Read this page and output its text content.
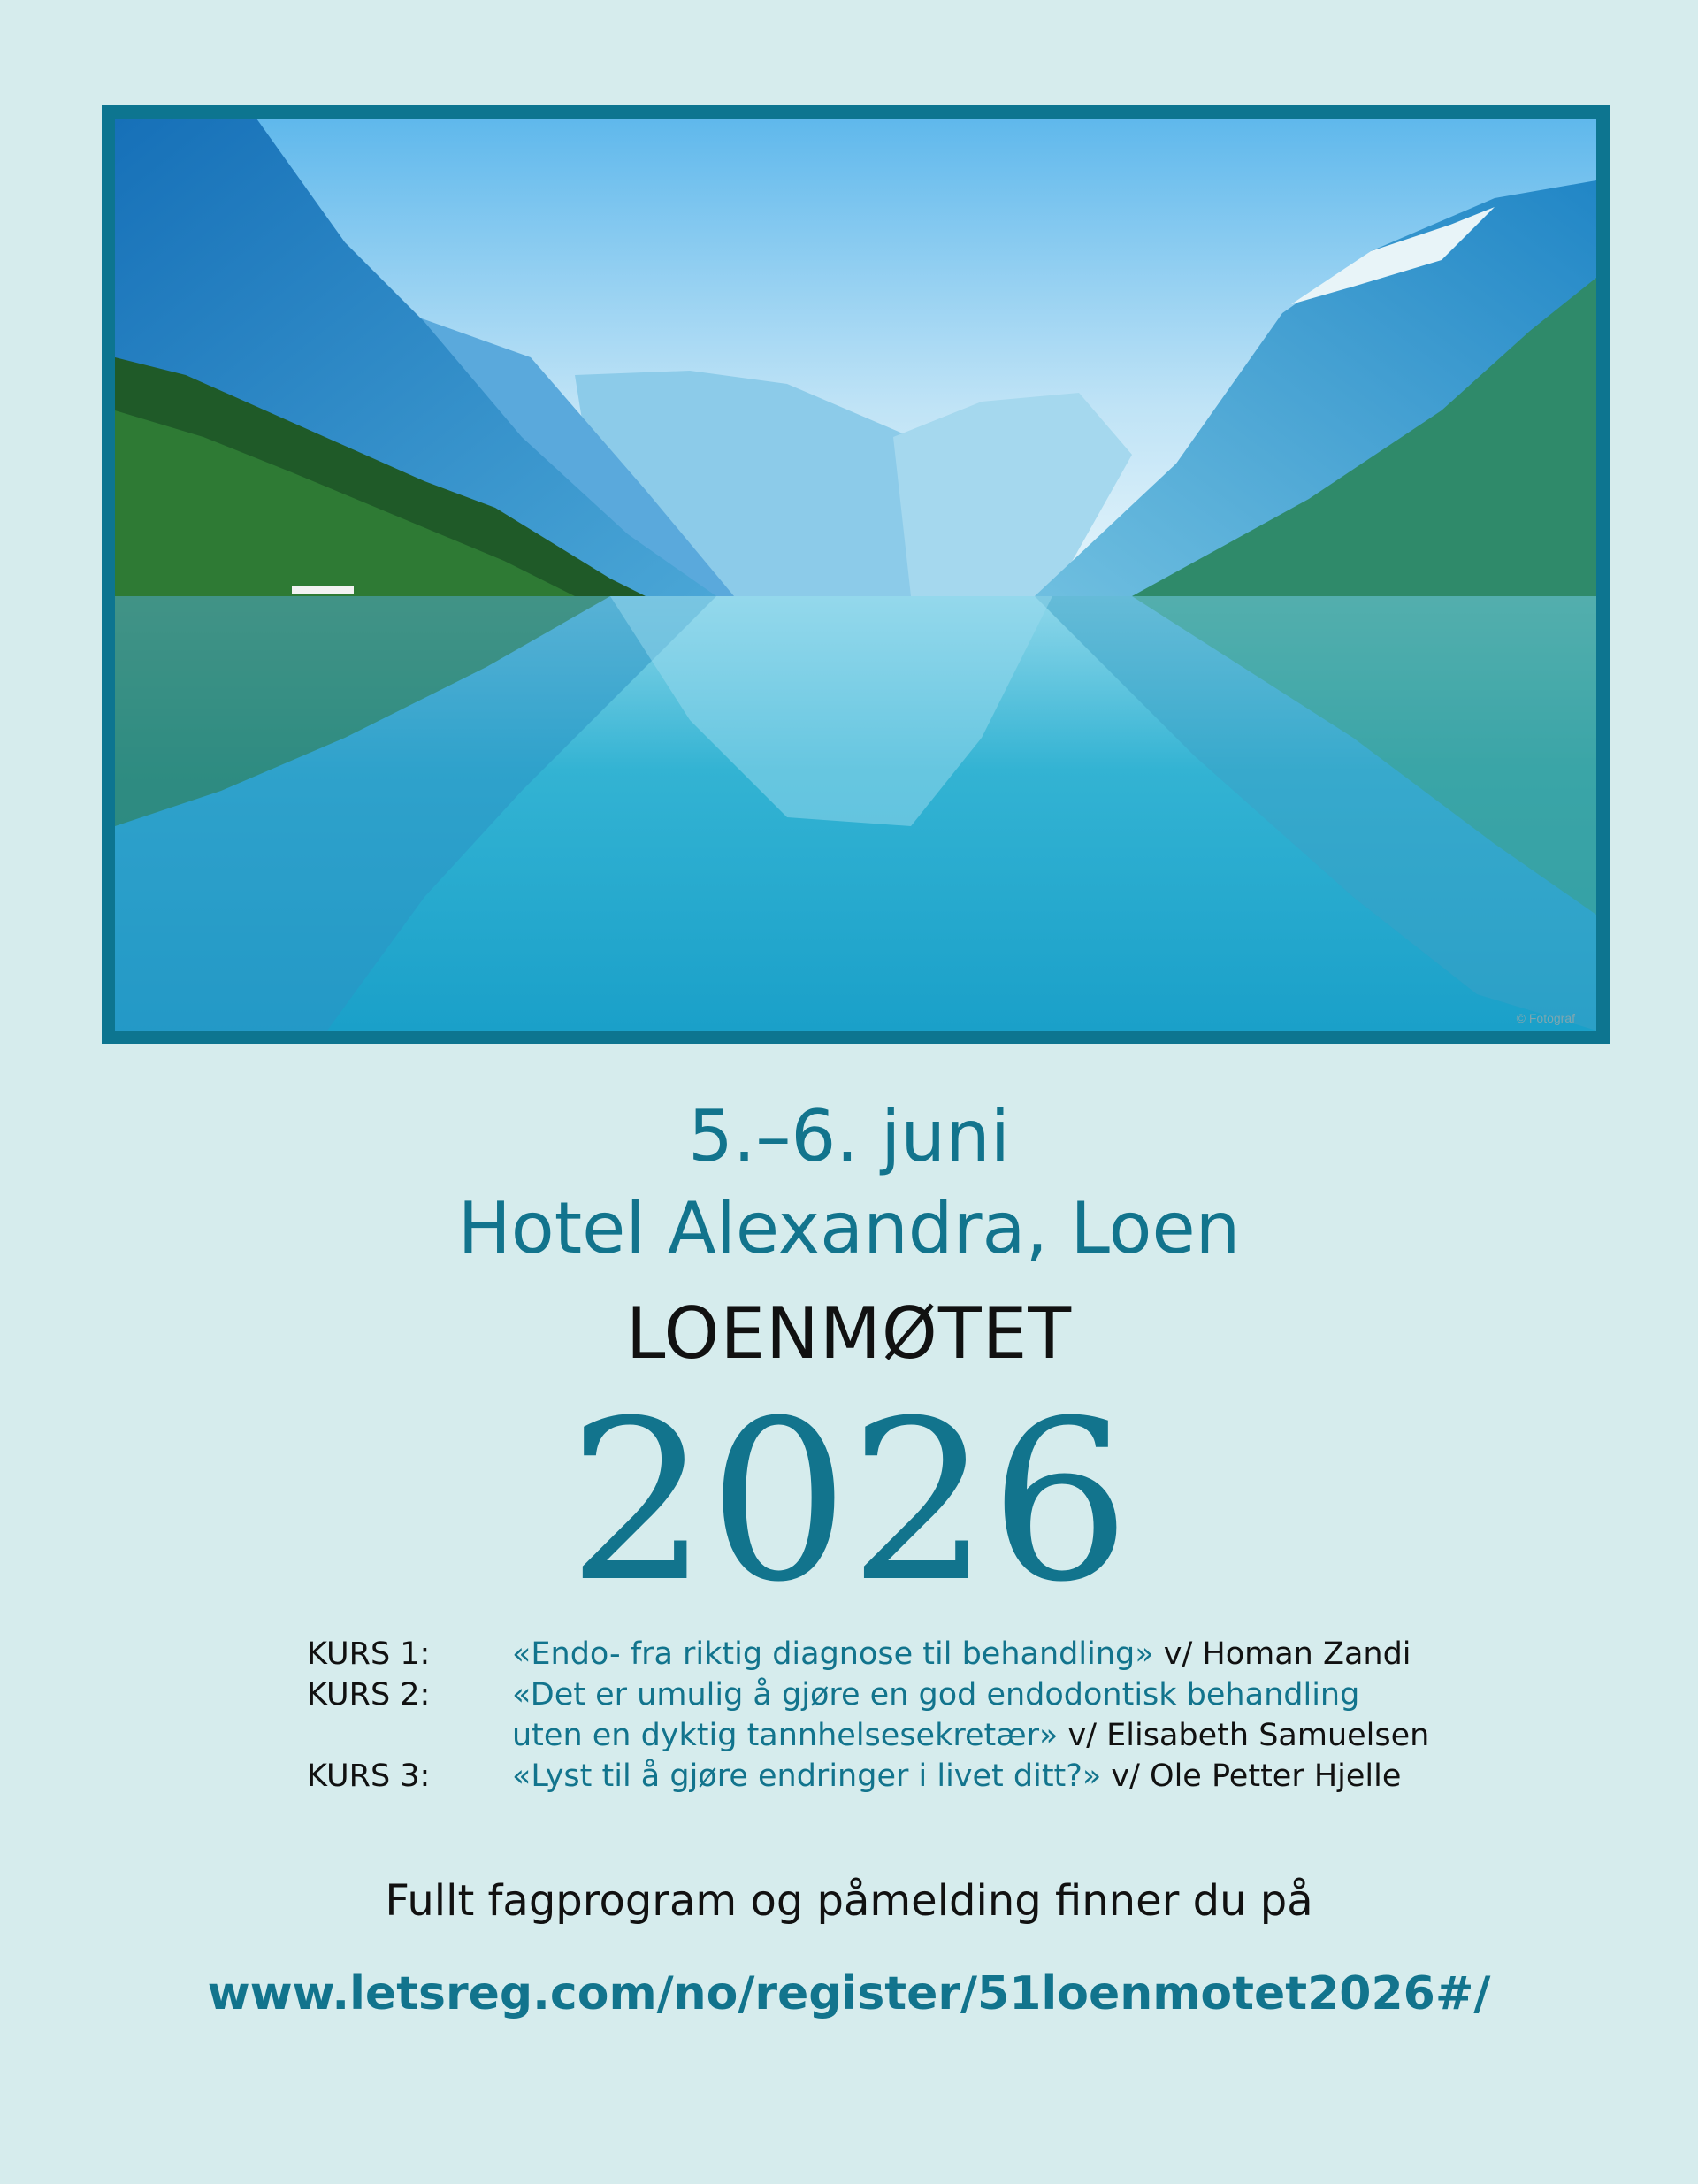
© Fotograf
5.–6. juni
Hotel Alexandra, Loen
LOENMØTET
2026
KURS 1:	«Endo- fra riktig diagnose til behandling» v/ Homan Zandi
KURS 2:	«Det er umulig å gjøre en god endodontisk behandling
uten en dyktig tannhelsesekretær» v/ Elisabeth Samuelsen
KURS 3:	«Lyst til å gjøre endringer i livet ditt?» v/ Ole Petter Hjelle
Fullt fagprogram og påmelding finner du på
www.letsreg.com/no/register/51loenmotet2026#/
